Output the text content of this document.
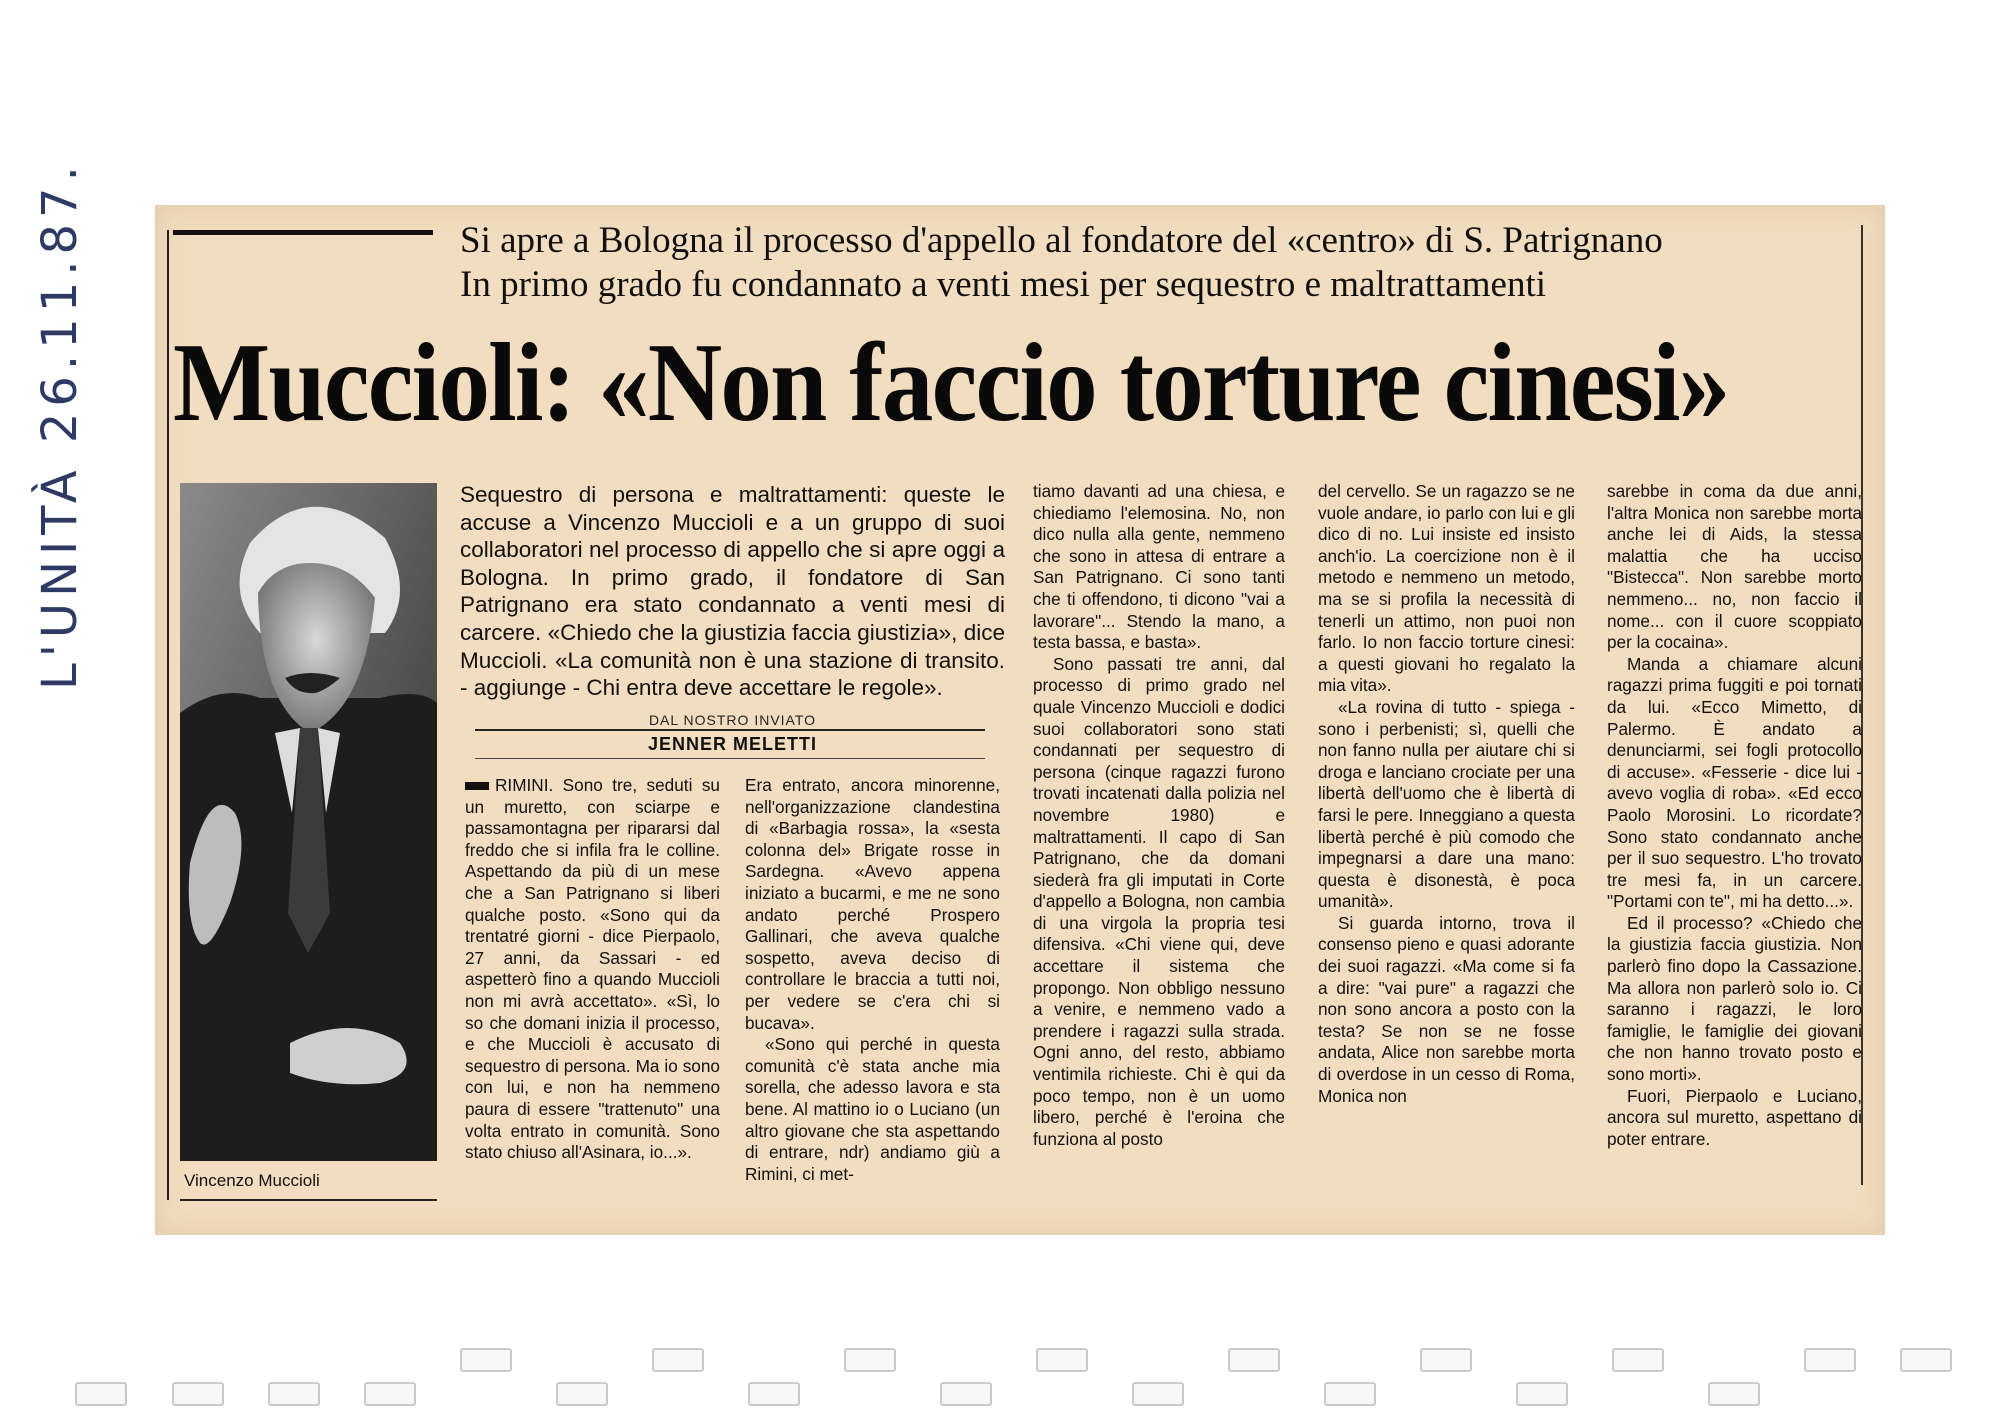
L'UNITÀ 26.11.87.	Si apre a Bologna il processo d'appello al fondatore del «centro» di S. Patrignano
In primo grado fu condannato a venti mesi per sequestro e maltrattamenti
Muccioli: «Non faccio torture cinesi»
Vincenzo Muccioli
Sequestro di persona e maltrattamenti: queste le accuse a Vincenzo Muccioli e a un gruppo di suoi collaboratori nel processo di appello che si apre oggi a Bologna. In primo grado, il fondatore di San Patrignano era stato condannato a venti mesi di carcere. «Chiedo che la giustizia faccia giustizia», dice Muccioli. «La comunità non è una stazione di transito. - aggiunge - Chi entra deve accettare le regole».
DAL NOSTRO INVIATO
JENNER MELETTI

RIMINI. Sono tre, seduti su un muretto, con sciarpe e passamontagna per ripararsi dal freddo che si infila fra le colline. Aspettando da più di un mese che a San Patrignano si liberi qualche posto. «Sono qui da trentatré giorni - dice Pierpaolo, 27 anni, da Sassari - ed aspetterò fino a quando Muccioli non mi avrà accettato». «Sì, lo so che domani inizia il processo, e che Muccioli è accusato di sequestro di persona. Ma io sono con lui, e non ha nemmeno paura di essere "trattenuto" una volta entrato in comunità. Sono stato chiuso all'Asinara, io...».

Era entrato, ancora minorenne, nell'organizzazione clandestina di «Barbagia rossa», la «sesta colonna del» Brigate rosse in Sardegna. «Avevo appena iniziato a bucarmi, e me ne sono andato perché Prospero Gallinari, che aveva qualche sospetto, aveva deciso di controllare le braccia a tutti noi, per vedere se c'era chi si bucava».

«Sono qui perché in questa comunità c'è stata anche mia sorella, che adesso lavora e sta bene. Al mattino io o Luciano (un altro giovane che sta aspettando di entrare, ndr) andiamo giù a Rimini, ci met-

tiamo davanti ad una chiesa, e chiediamo l'elemosina. No, non dico nulla alla gente, nemmeno che sono in attesa di entrare a San Patrignano. Ci sono tanti che ti offendono, ti dicono "vai a lavorare"... Stendo la mano, a testa bassa, e basta».

Sono passati tre anni, dal processo di primo grado nel quale Vincenzo Muccioli e dodici suoi collaboratori sono stati condannati per sequestro di persona (cinque ragazzi furono trovati incatenati dalla polizia nel novembre 1980) e maltrattamenti. Il capo di San Patrignano, che da domani siederà fra gli imputati in Corte d'appello a Bologna, non cambia di una virgola la propria tesi difensiva. «Chi viene qui, deve accettare il sistema che propongo. Non obbligo nessuno a venire, e nemmeno vado a prendere i ragazzi sulla strada. Ogni anno, del resto, abbiamo ventimila richieste. Chi è qui da poco tempo, non è un uomo libero, perché è l'eroina che funziona al posto

del cervello. Se un ragazzo se ne vuole andare, io parlo con lui e gli dico di no. Lui insiste ed insisto anch'io. La coercizione non è il metodo e nemmeno un metodo, ma se si profila la necessità di tenerli un attimo, non puoi non farlo. Io non faccio torture cinesi: a questi giovani ho regalato la mia vita».

«La rovina di tutto - spiega - sono i perbenisti; sì, quelli che non fanno nulla per aiutare chi si droga e lanciano crociate per una libertà dell'uomo che è libertà di farsi le pere. Inneggiano a questa libertà perché è più comodo che impegnarsi a dare una mano: questa è disonestà, è poca umanità».

Si guarda intorno, trova il consenso pieno e quasi adorante dei suoi ragazzi. «Ma come si fa a dire: "vai pure" a ragazzi che non sono ancora a posto con la testa? Se non se ne fosse andata, Alice non sarebbe morta di overdose in un cesso di Roma, Monica non

sarebbe in coma da due anni, l'altra Monica non sarebbe morta anche lei di Aids, la stessa malattia che ha ucciso "Bistecca". Non sarebbe morto nemmeno... no, non faccio il nome... con il cuore scoppiato per la cocaina».

Manda a chiamare alcuni ragazzi prima fuggiti e poi tornati da lui. «Ecco Mimetto, di Palermo. È andato a denunciarmi, sei fogli protocollo di accuse». «Fesserie - dice lui - avevo voglia di roba». «Ed ecco Paolo Morosini. Lo ricordate? Sono stato condannato anche per il suo sequestro. L'ho trovato tre mesi fa, in un carcere. "Portami con te", mi ha detto...».

Ed il processo? «Chiedo che la giustizia faccia giustizia. Non parlerò fino dopo la Cassazione. Ma allora non parlerò solo io. Ci saranno i ragazzi, le loro famiglie, le famiglie dei giovani che non hanno trovato posto e sono morti».

Fuori, Pierpaolo e Luciano, ancora sul muretto, aspettano di poter entrare.
